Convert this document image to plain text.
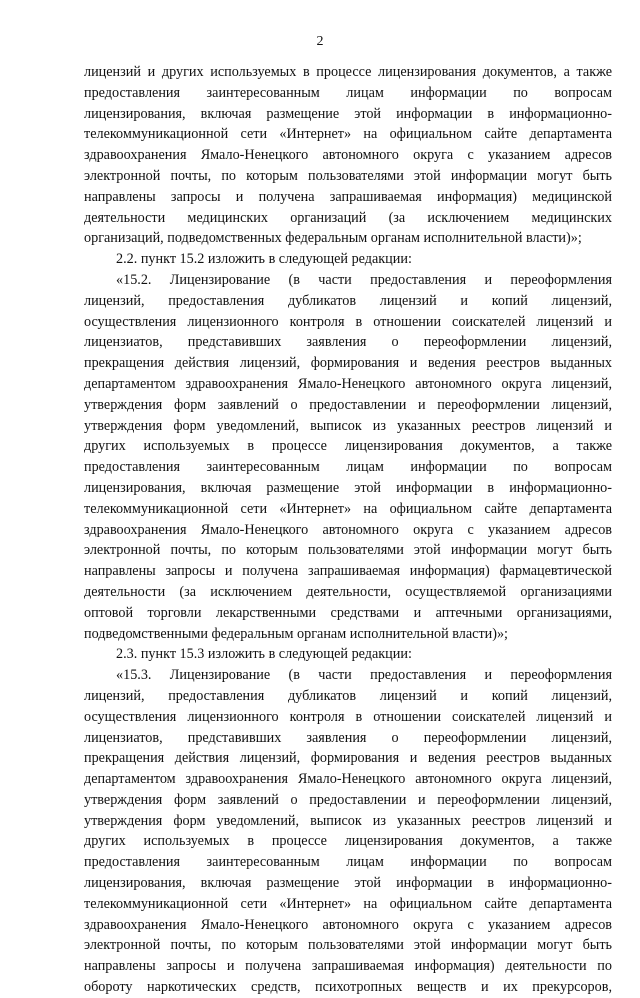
2
лицензий и других используемых в процессе лицензирования документов, а также
предоставления заинтересованным лицам информации по вопросам
лицензирования, включая размещение этой информации в информационно-
телекоммуникационной сети «Интернет» на официальном сайте департамента
здравоохранения Ямало-Ненецкого автономного округа с указанием адресов
электронной почты, по которым пользователями этой информации могут быть
направлены запросы и получена запрашиваемая информация) медицинской
деятельности медицинских организаций (за исключением медицинских
организаций, подведомственных федеральным органам исполнительной власти)»;
2.2. пункт 15.2 изложить в следующей редакции:
«15.2. Лицензирование (в части предоставления и переоформления
лицензий, предоставления дубликатов лицензий и копий лицензий,
осуществления лицензионного контроля в отношении соискателей лицензий и
лицензиатов, представивших заявления о переоформлении лицензий,
прекращения действия лицензий, формирования и ведения реестров выданных
департаментом здравоохранения Ямало-Ненецкого автономного округа лицензий,
утверждения форм заявлений о предоставлении и переоформлении лицензий,
утверждения форм уведомлений, выписок из указанных реестров лицензий и
других используемых в процессе лицензирования документов, а также
предоставления заинтересованным лицам информации по вопросам
лицензирования, включая размещение этой информации в информационно-
телекоммуникационной сети «Интернет» на официальном сайте департамента
здравоохранения Ямало-Ненецкого автономного округа с указанием адресов
электронной почты, по которым пользователями этой информации могут быть
направлены запросы и получена запрашиваемая информация) фармацевтической
деятельности (за исключением деятельности, осуществляемой организациями
оптовой торговли лекарственными средствами и аптечными организациями,
подведомственными федеральным органам исполнительной власти)»;
2.3. пункт 15.3 изложить в следующей редакции:
«15.3. Лицензирование (в части предоставления и переоформления
лицензий, предоставления дубликатов лицензий и копий лицензий,
осуществления лицензионного контроля в отношении соискателей лицензий и
лицензиатов, представивших заявления о переоформлении лицензий,
прекращения действия лицензий, формирования и ведения реестров выданных
департаментом здравоохранения Ямало-Ненецкого автономного округа лицензий,
утверждения форм заявлений о предоставлении и переоформлении лицензий,
утверждения форм уведомлений, выписок из указанных реестров лицензий и
других используемых в процессе лицензирования документов, а также
предоставления заинтересованным лицам информации по вопросам
лицензирования, включая размещение этой информации в информационно-
телекоммуникационной сети «Интернет» на официальном сайте департамента
здравоохранения Ямало-Ненецкого автономного округа с указанием адресов
электронной почты, по которым пользователями этой информации могут быть
направлены запросы и получена запрашиваемая информация) деятельности по
обороту наркотических средств, психотропных веществ и их прекурсоров,
